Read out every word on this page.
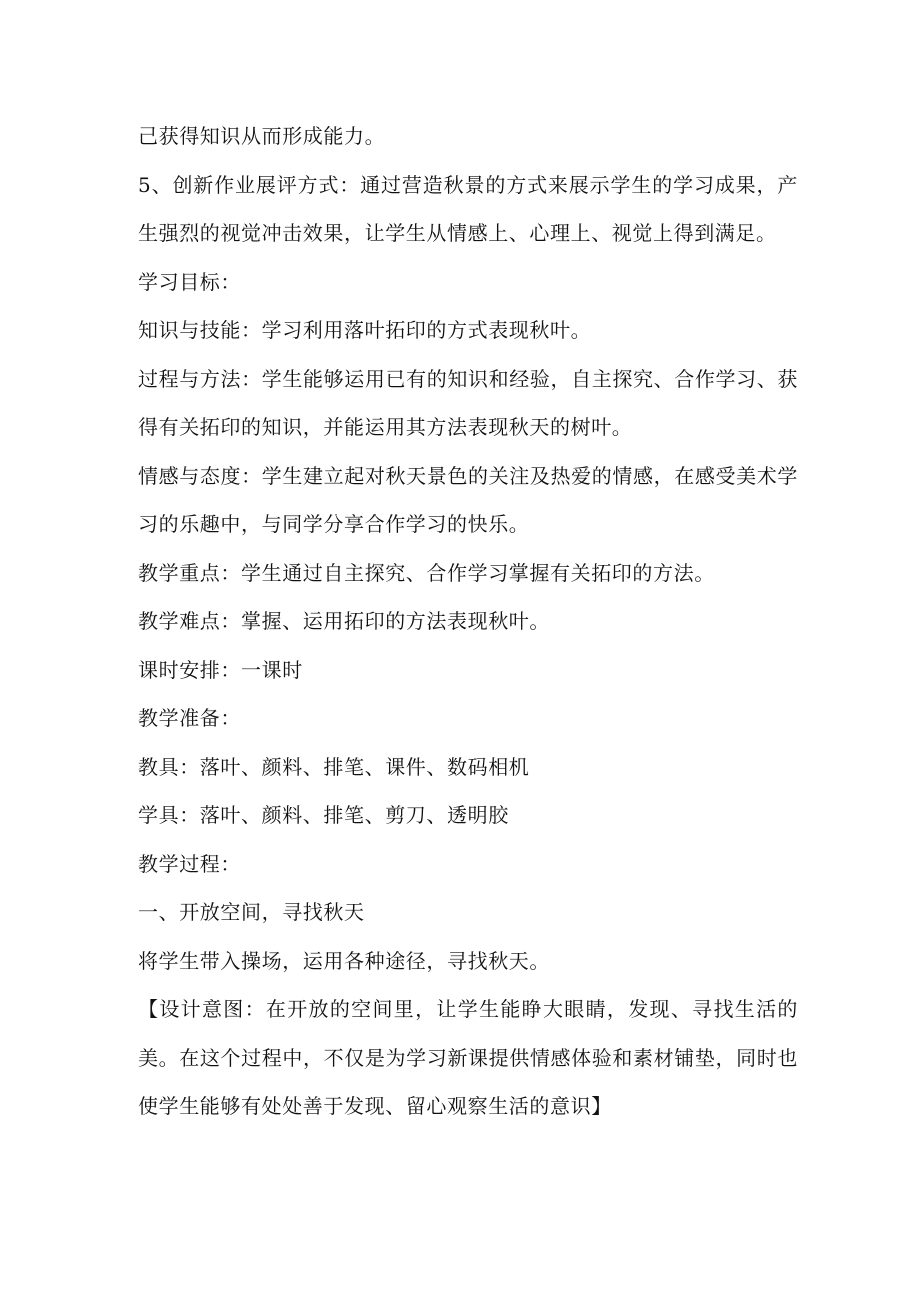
己获得知识从而形成能力。

5、创新作业展评方式：通过营造秋景的方式来展示学生的学习成果，产生强烈的视觉冲击效果，让学生从情感上、心理上、视觉上得到满足。

学习目标：

知识与技能：学习利用落叶拓印的方式表现秋叶。

过程与方法：学生能够运用已有的知识和经验，自主探究、合作学习、获得有关拓印的知识，并能运用其方法表现秋天的树叶。

情感与态度：学生建立起对秋天景色的关注及热爱的情感，在感受美术学习的乐趣中，与同学分享合作学习的快乐。

教学重点：学生通过自主探究、合作学习掌握有关拓印的方法。

教学难点：掌握、运用拓印的方法表现秋叶。

课时安排：一课时

教学准备：

教具：落叶、颜料、排笔、课件、数码相机

学具：落叶、颜料、排笔、剪刀、透明胶

教学过程：

一、开放空间，寻找秋天

将学生带入操场，运用各种途径，寻找秋天。

【设计意图：在开放的空间里，让学生能睁大眼睛，发现、寻找生活的美。在这个过程中，不仅是为学习新课提供情感体验和素材铺垫，同时也使学生能够有处处善于发现、留心观察生活的意识】
